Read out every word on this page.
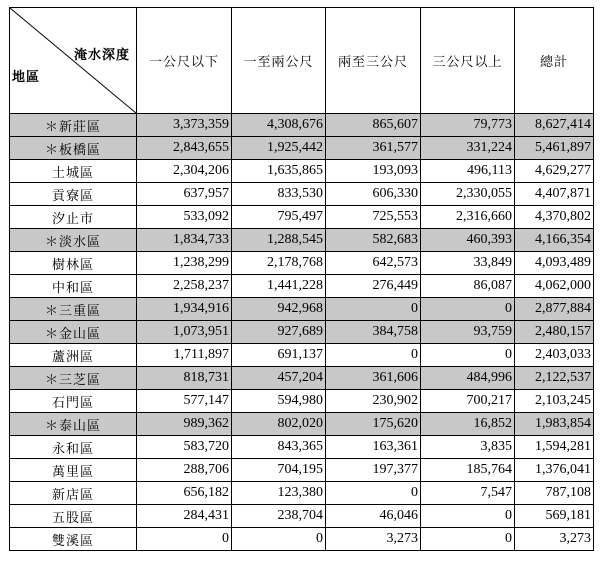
淹水深度
地區	一公尺以下	一至兩公尺	兩至三公尺	三公尺以上	總計
＊新莊區	3,373,359	4,308,676	865,607	79,773	8,627,414
＊板橋區	2,843,655	1,925,442	361,577	331,224	5,461,897
土城區	2,304,206	1,635,865	193,093	496,113	4,629,277
貢寮區	637,957	833,530	606,330	2,330,055	4,407,871
汐止市	533,092	795,497	725,553	2,316,660	4,370,802
＊淡水區	1,834,733	1,288,545	582,683	460,393	4,166,354
樹林區	1,238,299	2,178,768	642,573	33,849	4,093,489
中和區	2,258,237	1,441,228	276,449	86,087	4,062,000
＊三重區	1,934,916	942,968	0	0	2,877,884
＊金山區	1,073,951	927,689	384,758	93,759	2,480,157
蘆洲區	1,711,897	691,137	0	0	2,403,033
＊三芝區	818,731	457,204	361,606	484,996	2,122,537
石門區	577,147	594,980	230,902	700,217	2,103,245
＊泰山區	989,362	802,020	175,620	16,852	1,983,854
永和區	583,720	843,365	163,361	3,835	1,594,281
萬里區	288,706	704,195	197,377	185,764	1,376,041
新店區	656,182	123,380	0	7,547	787,108
五股區	284,431	238,704	46,046	0	569,181
雙溪區	0	0	3,273	0	3,273
